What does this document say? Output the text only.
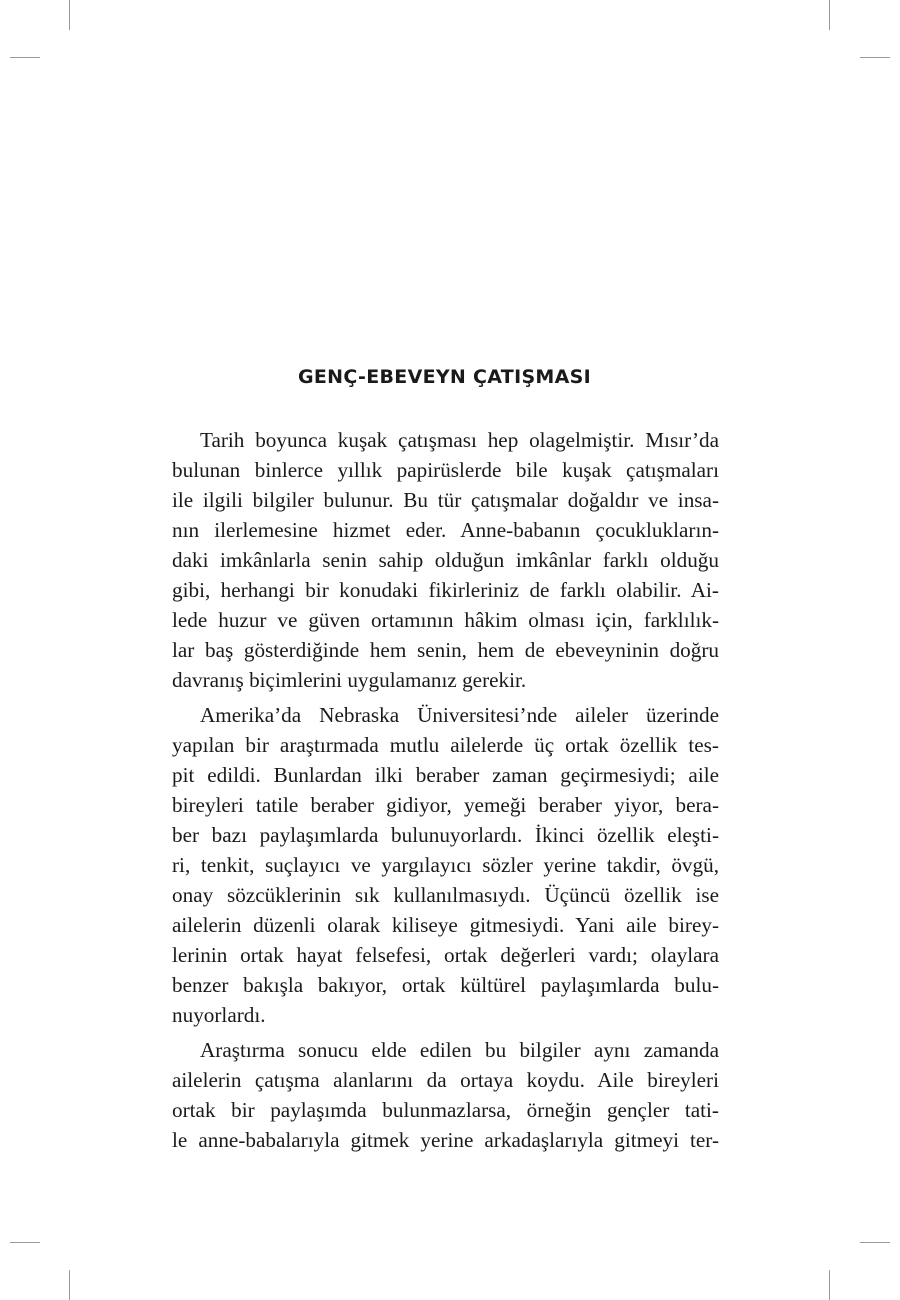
GENÇ-EBEVEYN ÇATIŞMASI
Tarih boyunca kuşak çatışması hep olagelmiştir. Mısır’da
bulunan binlerce yıllık papirüslerde bile kuşak çatışmaları
ile ilgili bilgiler bulunur. Bu tür çatışmalar doğaldır ve insa-
nın ilerlemesine hizmet eder. Anne-babanın çocuklukların-
daki imkânlarla senin sahip olduğun imkânlar farklı olduğu
gibi, herhangi bir konudaki fikirleriniz de farklı olabilir. Ai-
lede huzur ve güven ortamının hâkim olması için, farklılık-
lar baş gösterdiğinde hem senin, hem de ebeveyninin doğru
davranış biçimlerini uygulamanız gerekir.
Amerika’da Nebraska Üniversitesi’nde aileler üzerinde
yapılan bir araştırmada mutlu ailelerde üç ortak özellik tes-
pit edildi. Bunlardan ilki beraber zaman geçirmesiydi; aile
bireyleri tatile beraber gidiyor, yemeği beraber yiyor, bera-
ber bazı paylaşımlarda bulunuyorlardı. İkinci özellik eleşti-
ri, tenkit, suçlayıcı ve yargılayıcı sözler yerine takdir, övgü,
onay sözcüklerinin sık kullanılmasıydı. Üçüncü özellik ise
ailelerin düzenli olarak kiliseye gitmesiydi. Yani aile birey-
lerinin ortak hayat felsefesi, ortak değerleri vardı; olaylara
benzer bakışla bakıyor, ortak kültürel paylaşımlarda bulu-
nuyorlardı.
Araştırma sonucu elde edilen bu bilgiler aynı zamanda
ailelerin çatışma alanlarını da ortaya koydu. Aile bireyleri
ortak bir paylaşımda bulunmazlarsa, örneğin gençler tati-
le anne-babalarıyla gitmek yerine arkadaşlarıyla gitmeyi ter-
